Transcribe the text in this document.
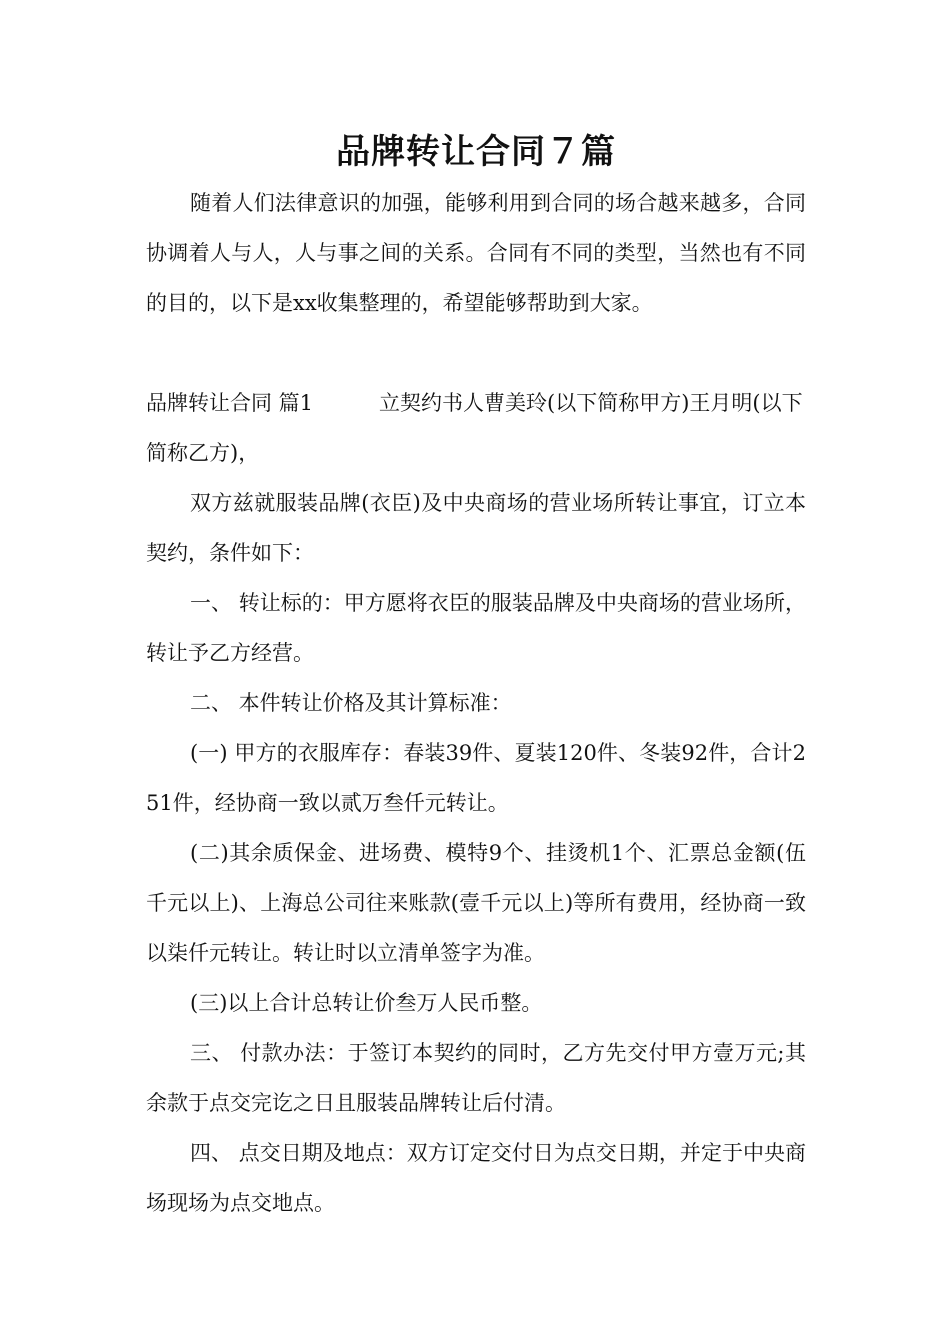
品牌转让合同７篇

随着人们法律意识的加强，能够利用到合同的场合越来越多，合同协调着人与人，人与事之间的关系。合同有不同的类型，当然也有不同的目的，以下是xx收集整理的，希望能够帮助到大家。

品牌转让合同 篇1	立契约书人曹美玲(以下简称甲方)王月明(以下简称乙方)，

双方兹就服装品牌(衣臣)及中央商场的营业场所转让事宜，订立本契约，条件如下：

一、 转让标的：甲方愿将衣臣的服装品牌及中央商场的营业场所，转让予乙方经营。

二、 本件转让价格及其计算标准：

(一) 甲方的衣服库存：春装39件、夏装120件、冬装92件，合计251件，经协商一致以贰万叁仟元转让。

(二)其余质保金、进场费、模特9个、挂烫机1个、汇票总金额(伍千元以上)、上海总公司往来账款(壹千元以上)等所有费用，经协商一致以柒仟元转让。转让时以立清单签字为准。

(三)以上合计总转让价叁万人民币整。

三、 付款办法：于签订本契约的同时，乙方先交付甲方壹万元;其余款于点交完讫之日且服装品牌转让后付清。

四、 点交日期及地点：双方订定交付日为点交日期，并定于中央商场现场为点交地点。
